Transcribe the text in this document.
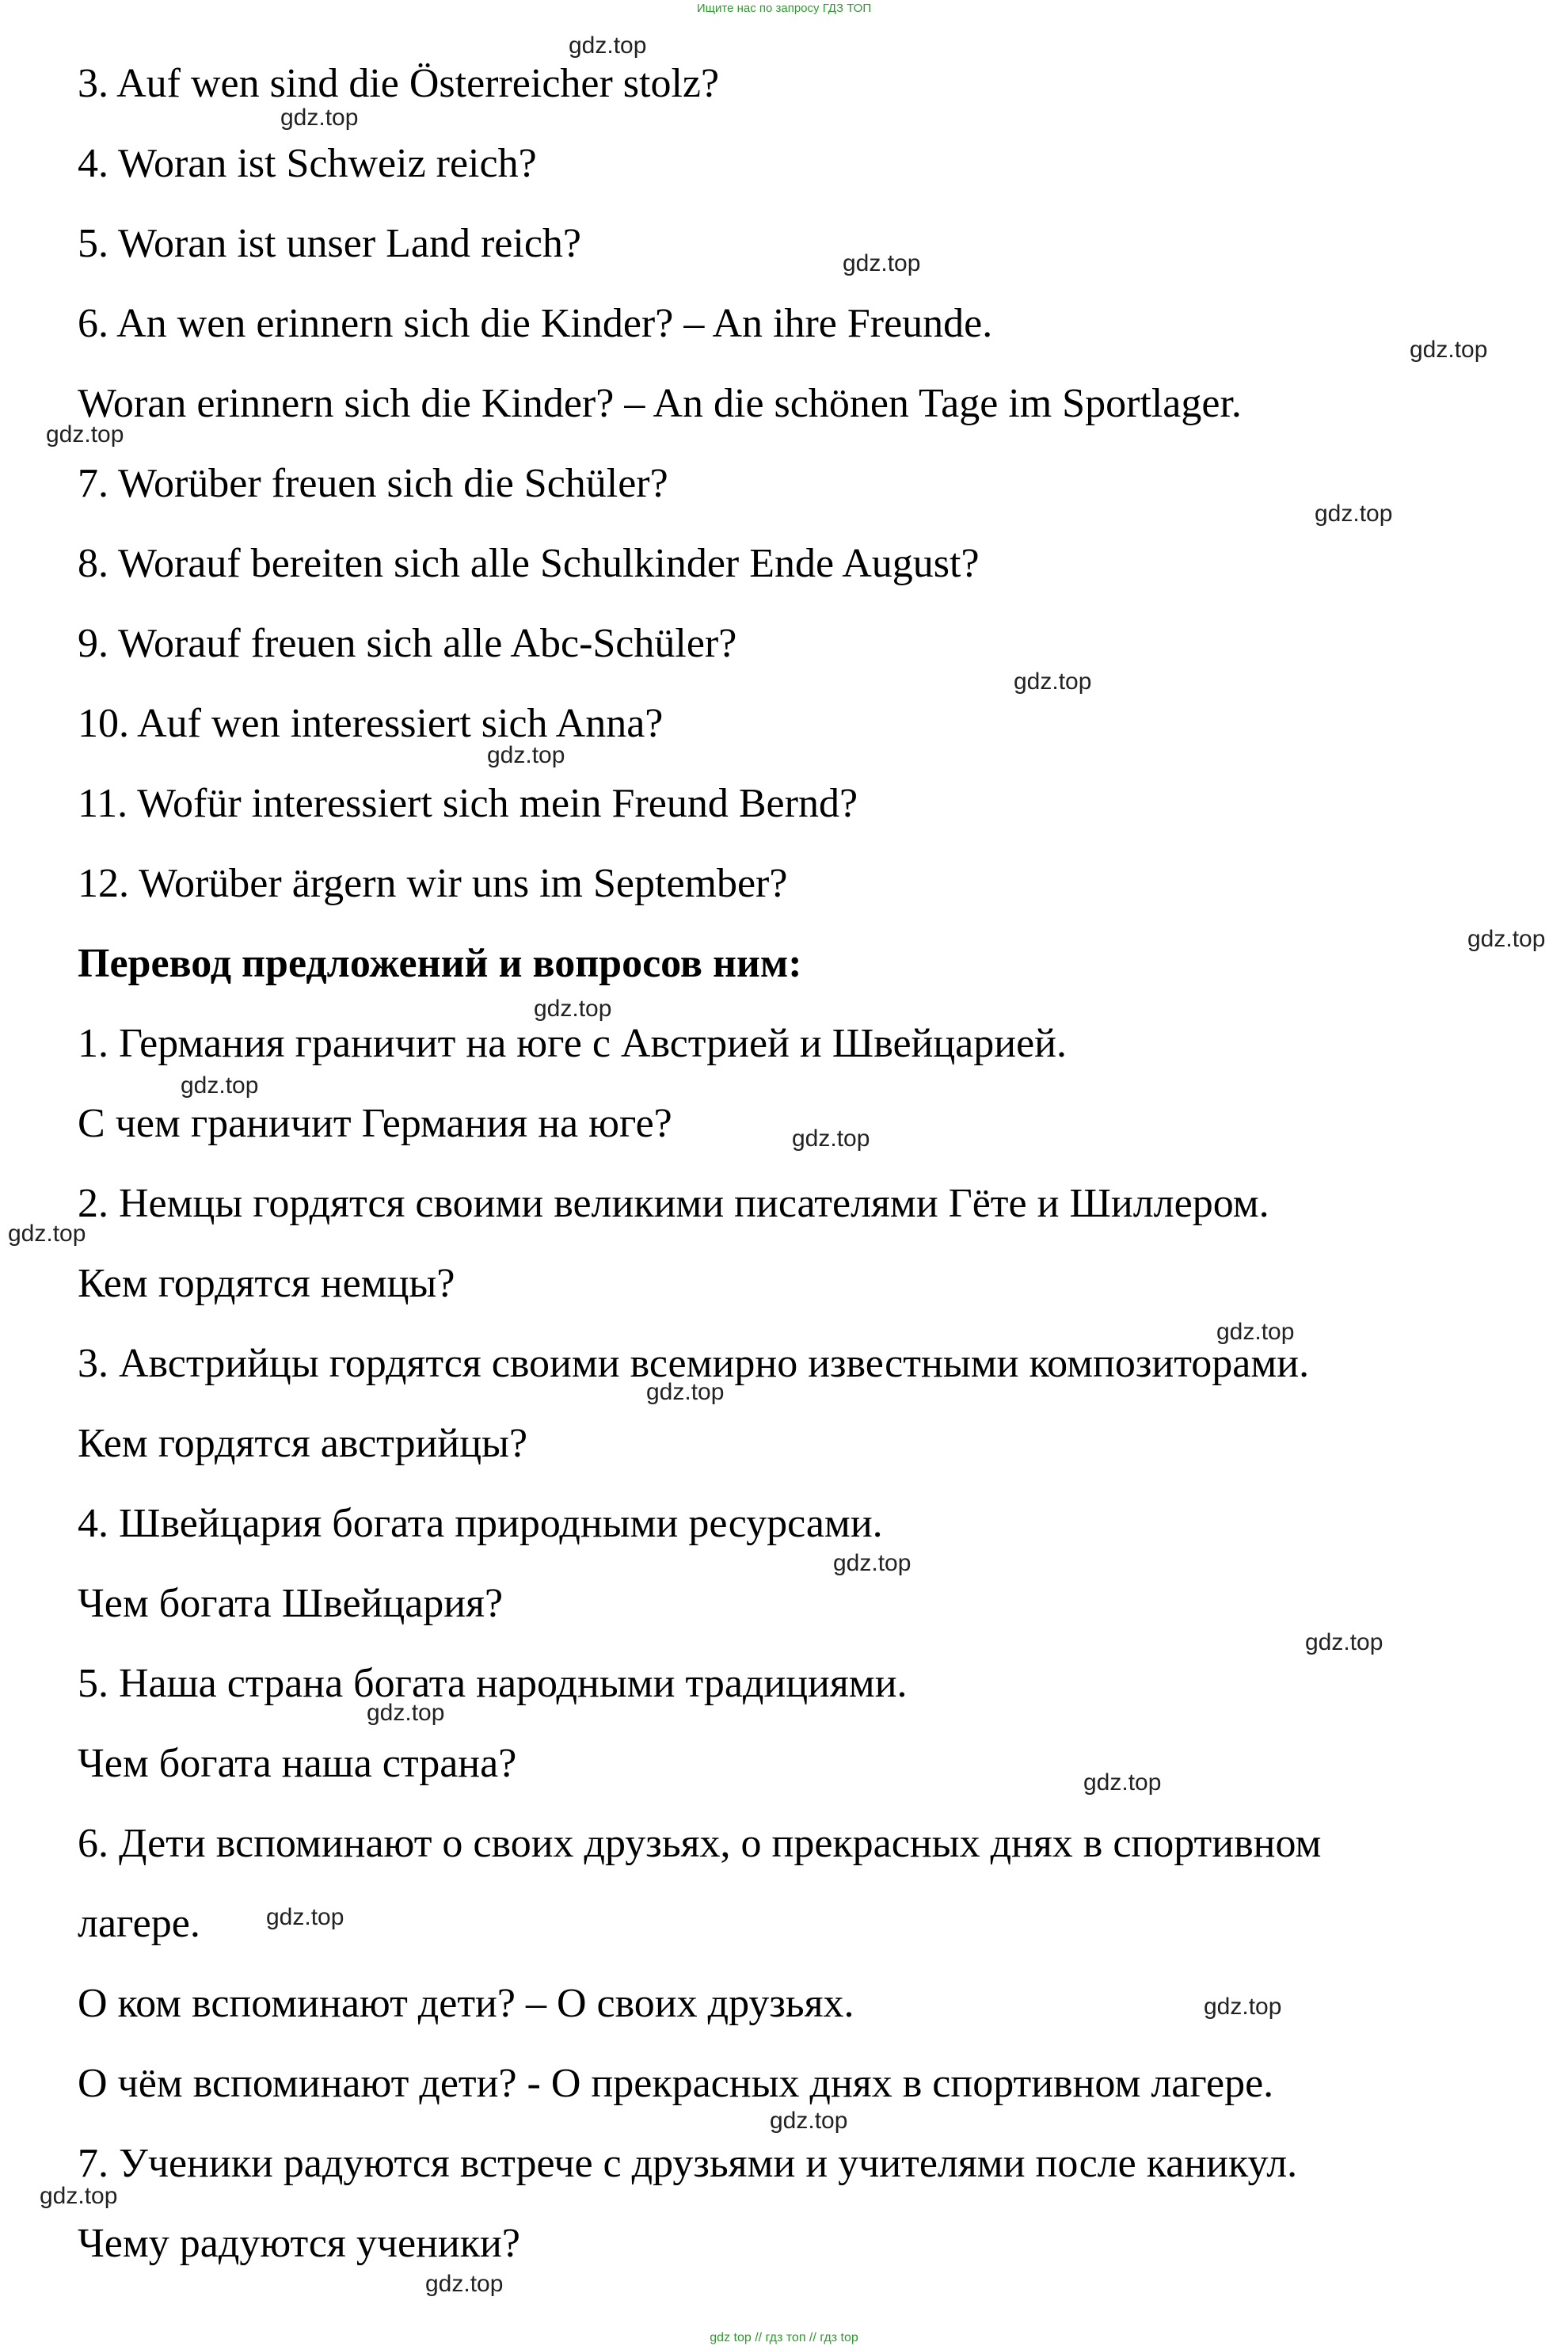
Ищите нас по запросу ГДЗ ТОП
3. Auf wen sind die Österreicher stolz?
4. Woran ist Schweiz reich?
5. Woran ist unser Land reich?
6. An wen erinnern sich die Kinder? – An ihre Freunde.
Woran erinnern sich die Kinder? – An die schönen Tage im Sportlager.
7. Worüber freuen sich die Schüler?
8. Worauf bereiten sich alle Schulkinder Ende August?
9. Worauf freuen sich alle Abc-Schüler?
10. Auf wen interessiert sich Anna?
11. Wofür interessiert sich mein Freund Bernd?
12. Worüber ärgern wir uns im September?
Перевод предложений и вопросов ним:
1. Германия граничит на юге с Австрией и Швейцарией.
С чем граничит Германия на юге?
2. Немцы гордятся своими великими писателями Гёте и Шиллером.
Кем гордятся немцы?
3. Австрийцы гордятся своими всемирно известными композиторами.
Кем гордятся австрийцы?
4. Швейцария богата природными ресурсами.
Чем богата Швейцария?
5. Наша страна богата народными традициями.
Чем богата наша страна?
6. Дети вспоминают о своих друзьях, о прекрасных днях в спортивном
лагере.
О ком вспоминают дети? – О своих друзьях.
О чём вспоминают дети? - О прекрасных днях в спортивном лагере.
7. Ученики радуются встрече с друзьями и учителями после каникул.
Чему радуются ученики?
gdz.top
gdz.top
gdz.top
gdz.top
gdz.top
gdz.top
gdz.top
gdz.top
gdz.top
gdz.top
gdz.top
gdz.top
gdz.top
gdz.top
gdz.top
gdz.top
gdz.top
gdz.top
gdz.top
gdz.top
gdz.top
gdz.top
gdz.top
gdz.top
gdz top // гдз топ // гдз top
